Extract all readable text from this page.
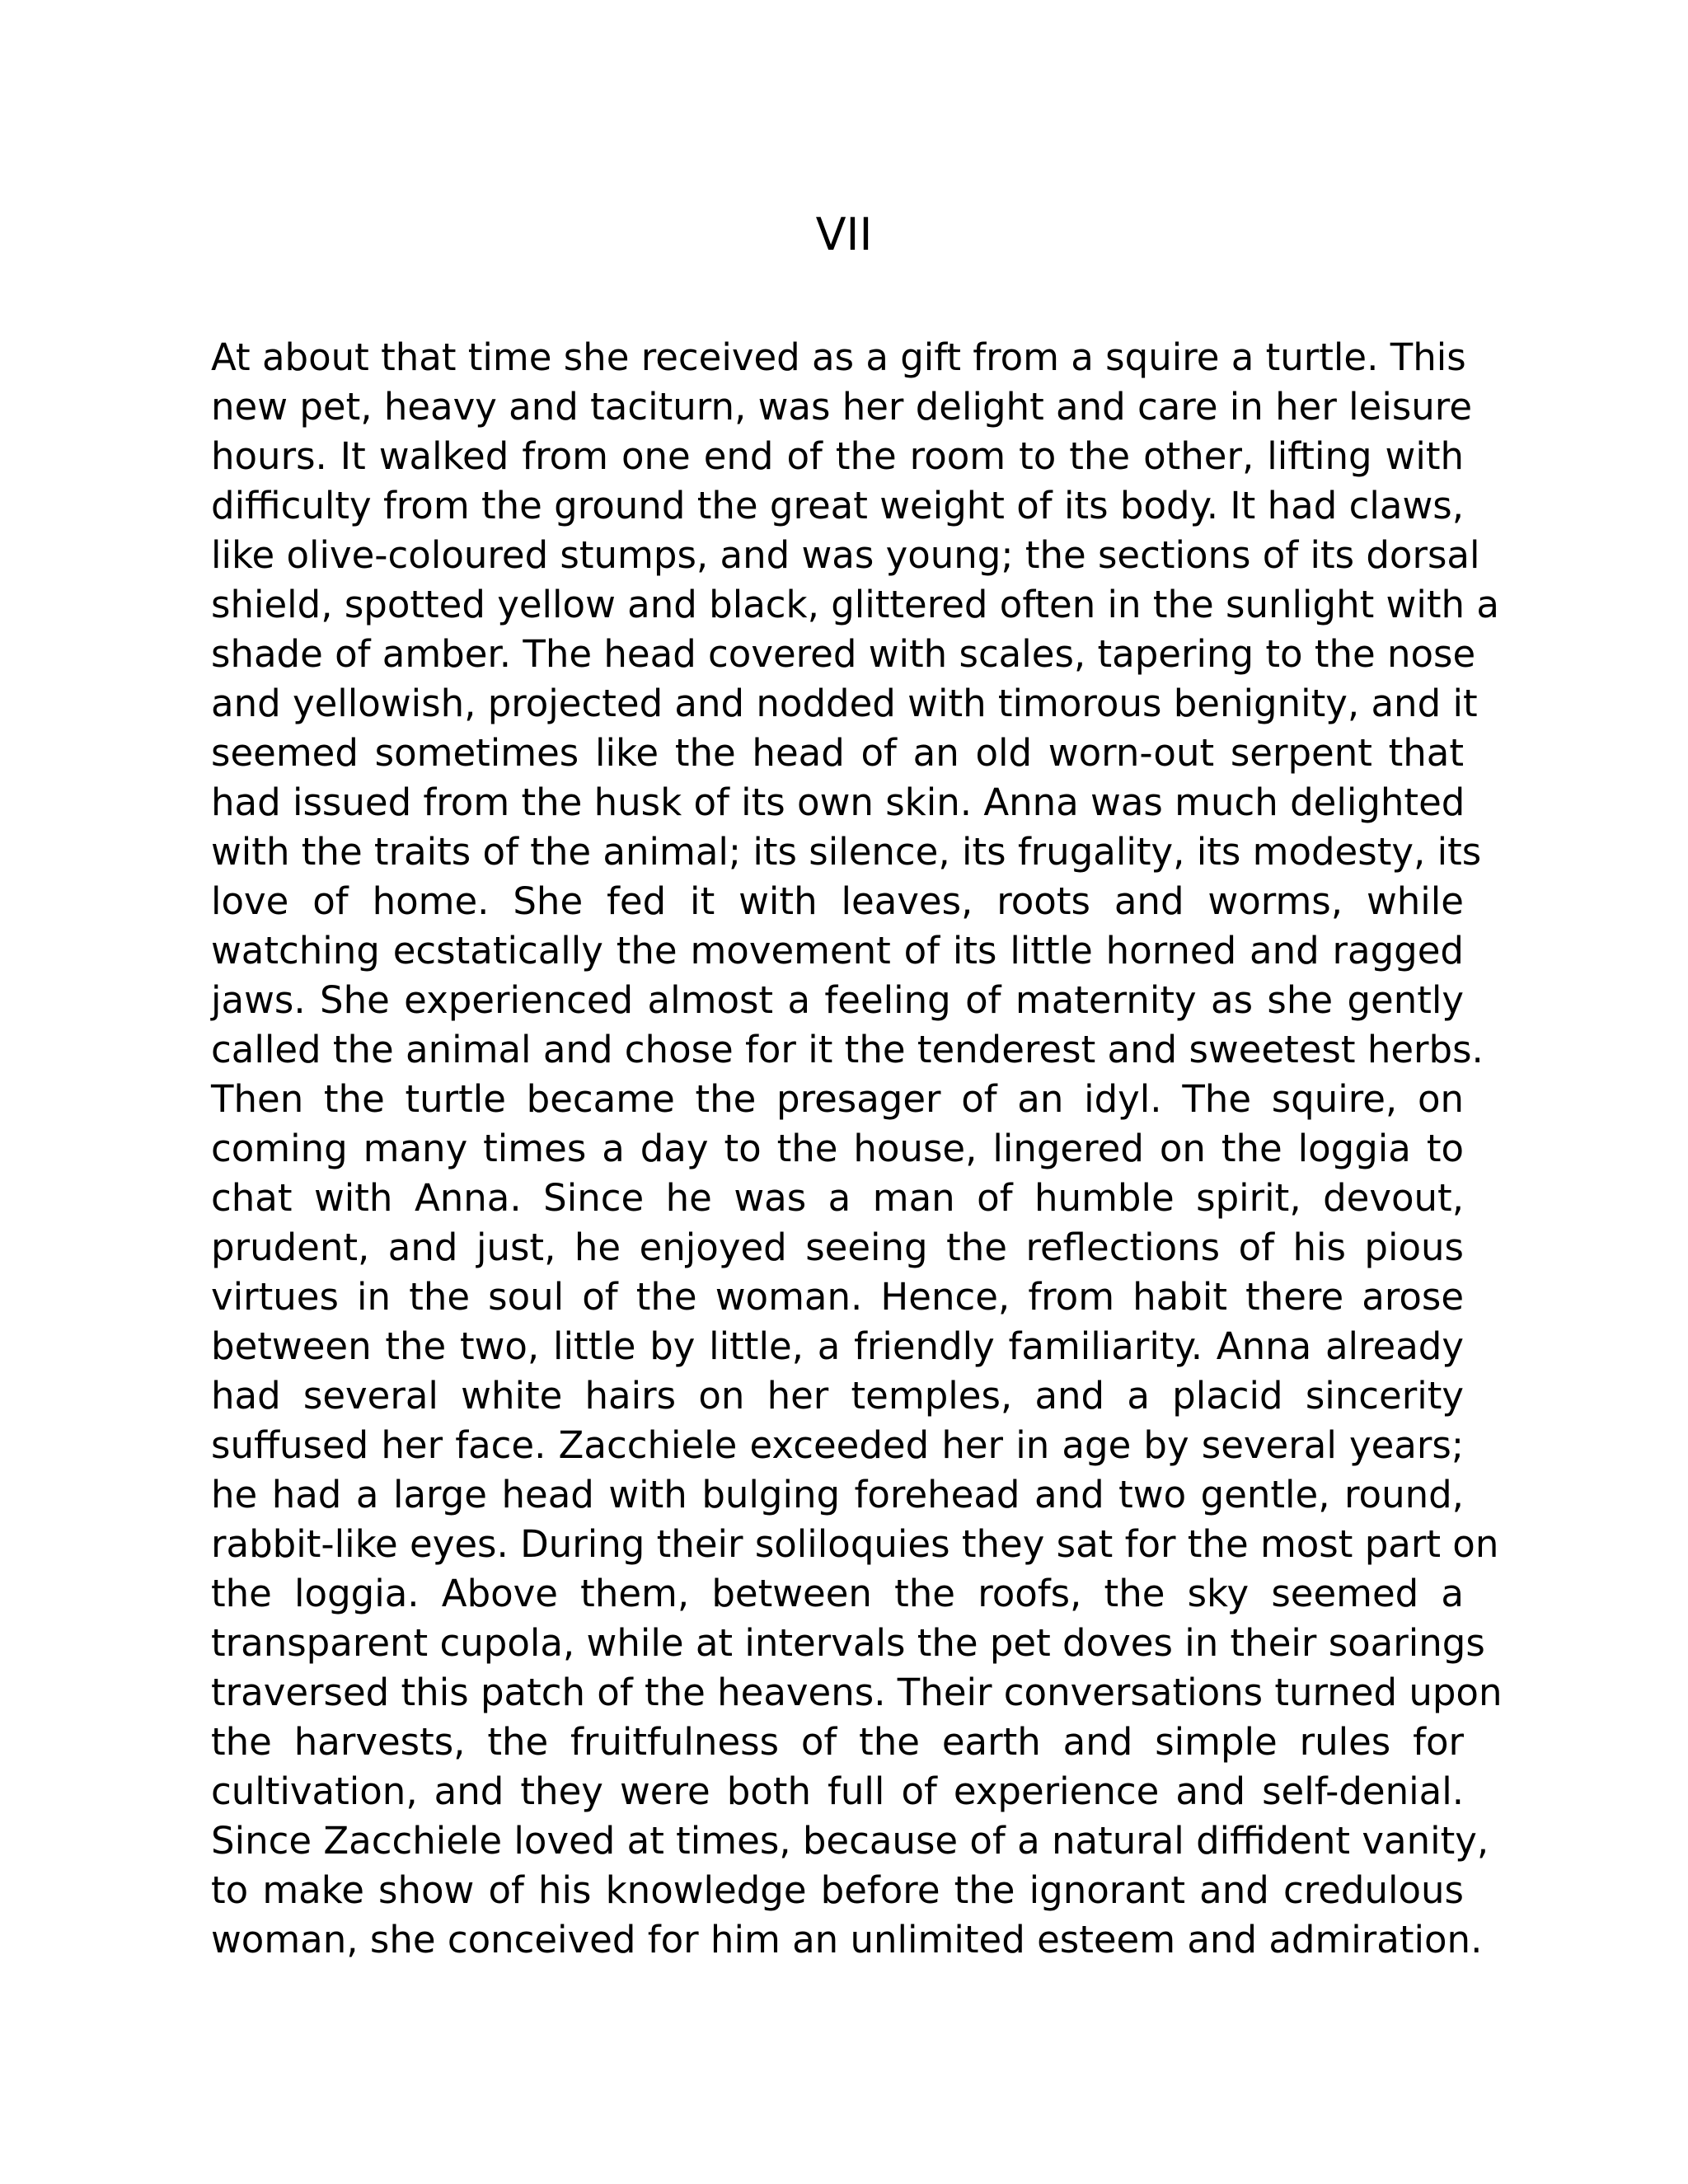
VII
At about that time she received as a gift from a squire a turtle. This
new pet, heavy and taciturn, was her delight and care in her leisure
hours. It walked from one end of the room to the other, lifting with
difficulty from the ground the great weight of its body. It had claws,
like olive-coloured stumps, and was young; the sections of its dorsal
shield, spotted yellow and black, glittered often in the sunlight with a
shade of amber. The head covered with scales, tapering to the nose
and yellowish, projected and nodded with timorous benignity, and it
seemed sometimes like the head of an old worn-out serpent that
had issued from the husk of its own skin. Anna was much delighted
with the traits of the animal; its silence, its frugality, its modesty, its
love of home. She fed it with leaves, roots and worms, while
watching ecstatically the movement of its little horned and ragged
jaws. She experienced almost a feeling of maternity as she gently
called the animal and chose for it the tenderest and sweetest herbs.
Then the turtle became the presager of an idyl. The squire, on
coming many times a day to the house, lingered on the loggia to
chat with Anna. Since he was a man of humble spirit, devout,
prudent, and just, he enjoyed seeing the reflections of his pious
virtues in the soul of the woman. Hence, from habit there arose
between the two, little by little, a friendly familiarity. Anna already
had several white hairs on her temples, and a placid sincerity
suffused her face. Zacchiele exceeded her in age by several years;
he had a large head with bulging forehead and two gentle, round,
rabbit-like eyes. During their soliloquies they sat for the most part on
the loggia. Above them, between the roofs, the sky seemed a
transparent cupola, while at intervals the pet doves in their soarings
traversed this patch of the heavens. Their conversations turned upon
the harvests, the fruitfulness of the earth and simple rules for
cultivation, and they were both full of experience and self-denial.
Since Zacchiele loved at times, because of a natural diffident vanity,
to make show of his knowledge before the ignorant and credulous
woman, she conceived for him an unlimited esteem and admiration.
